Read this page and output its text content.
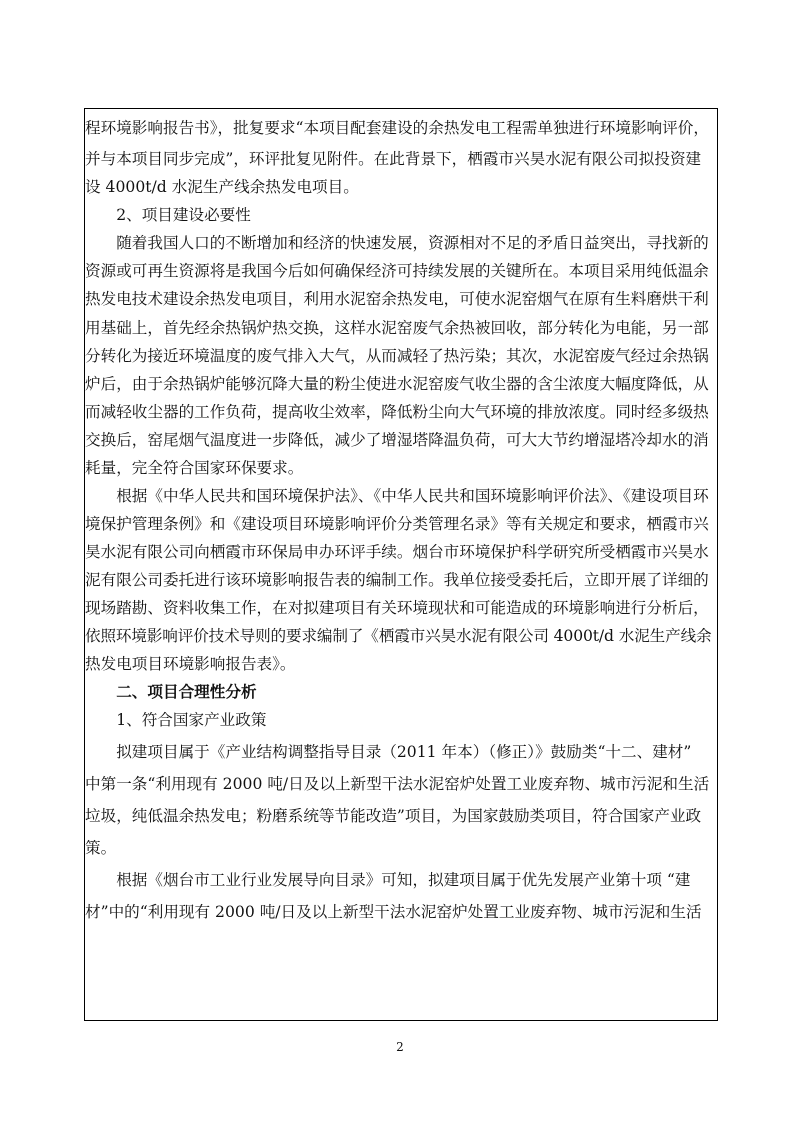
程环境影响报告书》，批复要求“本项目配套建设的余热发电工程需单独进行环境影响评价，
并与本项目同步完成”，环评批复见附件。在此背景下，栖霞市兴昊水泥有限公司拟投资建
设 4000t/d 水泥生产线余热发电项目。
　　2、项目建设必要性
　　随着我国人口的不断增加和经济的快速发展，资源相对不足的矛盾日益突出，寻找新的
资源或可再生资源将是我国今后如何确保经济可持续发展的关键所在。本项目采用纯低温余
热发电技术建设余热发电项目，利用水泥窑余热发电，可使水泥窑烟气在原有生料磨烘干利
用基础上，首先经余热锅炉热交换，这样水泥窑废气余热被回收，部分转化为电能，另一部
分转化为接近环境温度的废气排入大气，从而减轻了热污染；其次，水泥窑废气经过余热锅
炉后，由于余热锅炉能够沉降大量的粉尘使进水泥窑废气收尘器的含尘浓度大幅度降低，从
而减轻收尘器的工作负荷，提高收尘效率，降低粉尘向大气环境的排放浓度。同时经多级热
交换后，窑尾烟气温度进一步降低，减少了增湿塔降温负荷，可大大节约增湿塔冷却水的消
耗量，完全符合国家环保要求。
　　根据《中华人民共和国环境保护法》、《中华人民共和国环境影响评价法》、《建设项目环
境保护管理条例》和《建设项目环境影响评价分类管理名录》等有关规定和要求，栖霞市兴
昊水泥有限公司向栖霞市环保局申办环评手续。烟台市环境保护科学研究所受栖霞市兴昊水
泥有限公司委托进行该环境影响报告表的编制工作。我单位接受委托后，立即开展了详细的
现场踏勘、资料收集工作，在对拟建项目有关环境现状和可能造成的环境影响进行分析后，
依照环境影响评价技术导则的要求编制了《栖霞市兴昊水泥有限公司 4000t/d 水泥生产线余
热发电项目环境影响报告表》。
　　二、项目合理性分析
　　1、符合国家产业政策
　　拟建项目属于《产业结构调整指导目录（2011 年本）（修正）》鼓励类“十二、建材”
中第一条“利用现有 2000 吨/日及以上新型干法水泥窑炉处置工业废弃物、城市污泥和生活
垃圾，纯低温余热发电；粉磨系统等节能改造”项目，为国家鼓励类项目，符合国家产业政
策。
　　根据《烟台市工业行业发展导向目录》可知，拟建项目属于优先发展产业第十项 “建
材”中的“利用现有 2000 吨/日及以上新型干法水泥窑炉处置工业废弃物、城市污泥和生活
2
